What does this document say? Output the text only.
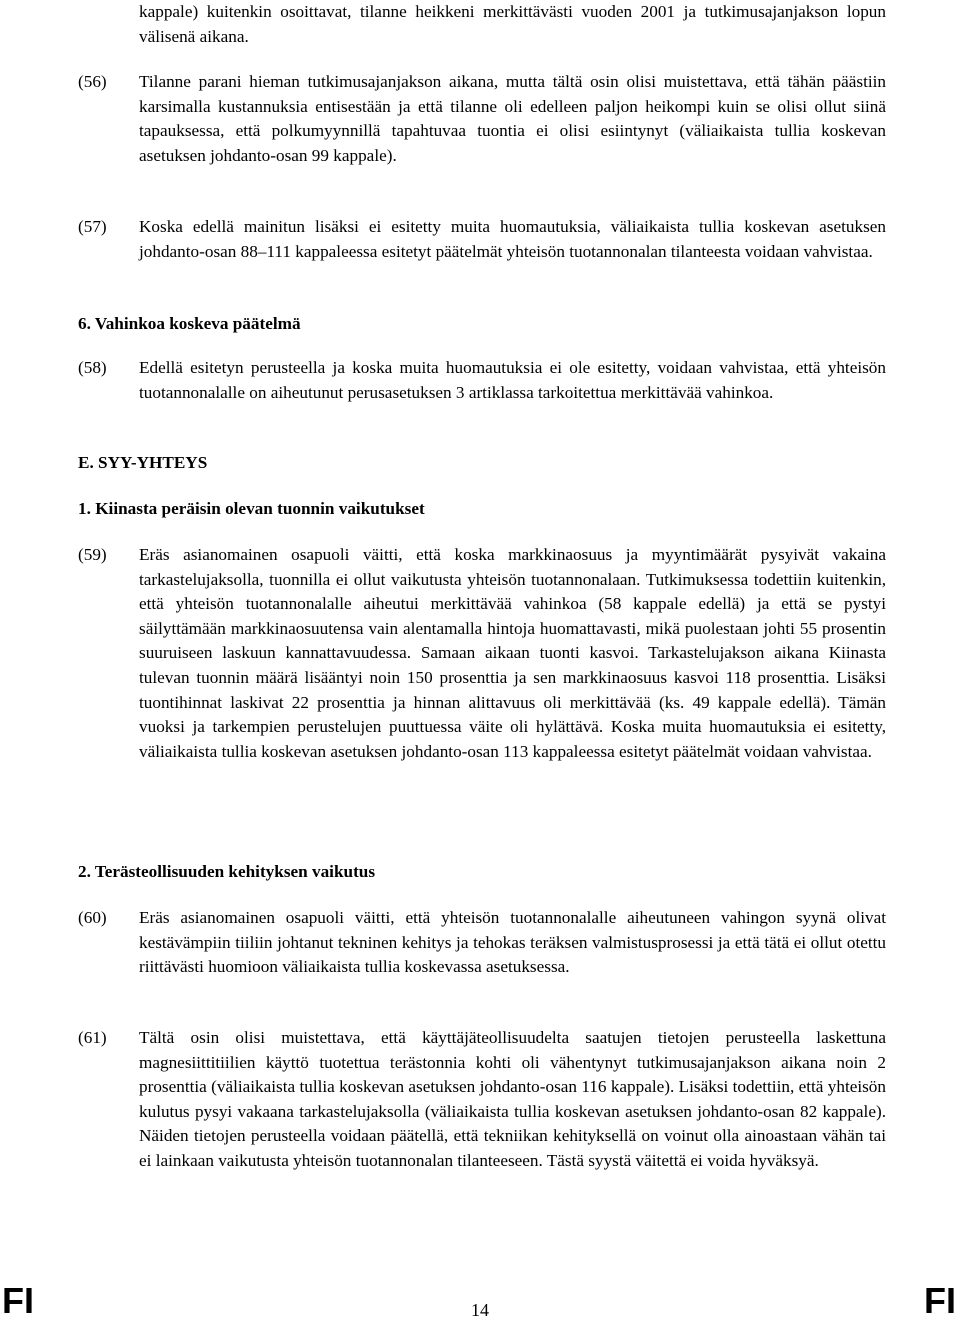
kappale) kuitenkin osoittavat, tilanne heikkeni merkittävästi vuoden 2001 ja tutkimusajanjakson lopun välisenä aikana.
(56)	Tilanne parani hieman tutkimusajanjakson aikana, mutta tältä osin olisi muistettava, että tähän päästiin karsimalla kustannuksia entisestään ja että tilanne oli edelleen paljon heikompi kuin se olisi ollut siinä tapauksessa, että polkumyynnillä tapahtuvaa tuontia ei olisi esiintynyt (väliaikaista tullia koskevan asetuksen johdanto-osan 99 kappale).
(57)	Koska edellä mainitun lisäksi ei esitetty muita huomautuksia, väliaikaista tullia koskevan asetuksen johdanto-osan 88–111 kappaleessa esitetyt päätelmät yhteisön tuotannonalan tilanteesta voidaan vahvistaa.
6. Vahinkoa koskeva päätelmä
(58)	Edellä esitetyn perusteella ja koska muita huomautuksia ei ole esitetty, voidaan vahvistaa, että yhteisön tuotannonalalle on aiheutunut perusasetuksen 3 artiklassa tarkoitettua merkittävää vahinkoa.
E. SYY-YHTEYS
1. Kiinasta peräisin olevan tuonnin vaikutukset
(59)	Eräs asianomainen osapuoli väitti, että koska markkinaosuus ja myyntimäärät pysyivät vakaina tarkastelujaksolla, tuonnilla ei ollut vaikutusta yhteisön tuotannonalaan. Tutkimuksessa todettiin kuitenkin, että yhteisön tuotannonalalle aiheutui merkittävää vahinkoa (58 kappale edellä) ja että se pystyi säilyttämään markkinaosuutensa vain alentamalla hintoja huomattavasti, mikä puolestaan johti 55 prosentin suuruiseen laskuun kannattavuudessa. Samaan aikaan tuonti kasvoi. Tarkastelujakson aikana Kiinasta tulevan tuonnin määrä lisääntyi noin 150 prosenttia ja sen markkinaosuus kasvoi 118 prosenttia. Lisäksi tuontihinnat laskivat 22 prosenttia ja hinnan alittavuus oli merkittävää (ks. 49 kappale edellä). Tämän vuoksi ja tarkempien perustelujen puuttuessa väite oli hylättävä. Koska muita huomautuksia ei esitetty, väliaikaista tullia koskevan asetuksen johdanto-osan 113 kappaleessa esitetyt päätelmät voidaan vahvistaa.
2. Terästeollisuuden kehityksen vaikutus
(60)	Eräs asianomainen osapuoli väitti, että yhteisön tuotannonalalle aiheutuneen vahingon syynä olivat kestävämpiin tiiliin johtanut tekninen kehitys ja tehokas teräksen valmistusprosessi ja että tätä ei ollut otettu riittävästi huomioon väliaikaista tullia koskevassa asetuksessa.
(61)	Tältä osin olisi muistettava, että käyttäjäteollisuudelta saatujen tietojen perusteella laskettuna magnesiittitiilien käyttö tuotettua terästonnia kohti oli vähentynyt tutkimusajanjakson aikana noin 2 prosenttia (väliaikaista tullia koskevan asetuksen johdanto-osan 116 kappale). Lisäksi todettiin, että yhteisön kulutus pysyi vakaana tarkastelujaksolla (väliaikaista tullia koskevan asetuksen johdanto-osan 82 kappale). Näiden tietojen perusteella voidaan päätellä, että tekniikan kehityksellä on voinut olla ainoastaan vähän tai ei lainkaan vaikutusta yhteisön tuotannonalan tilanteeseen. Tästä syystä väitettä ei voida hyväksyä.
FI	14	FI
